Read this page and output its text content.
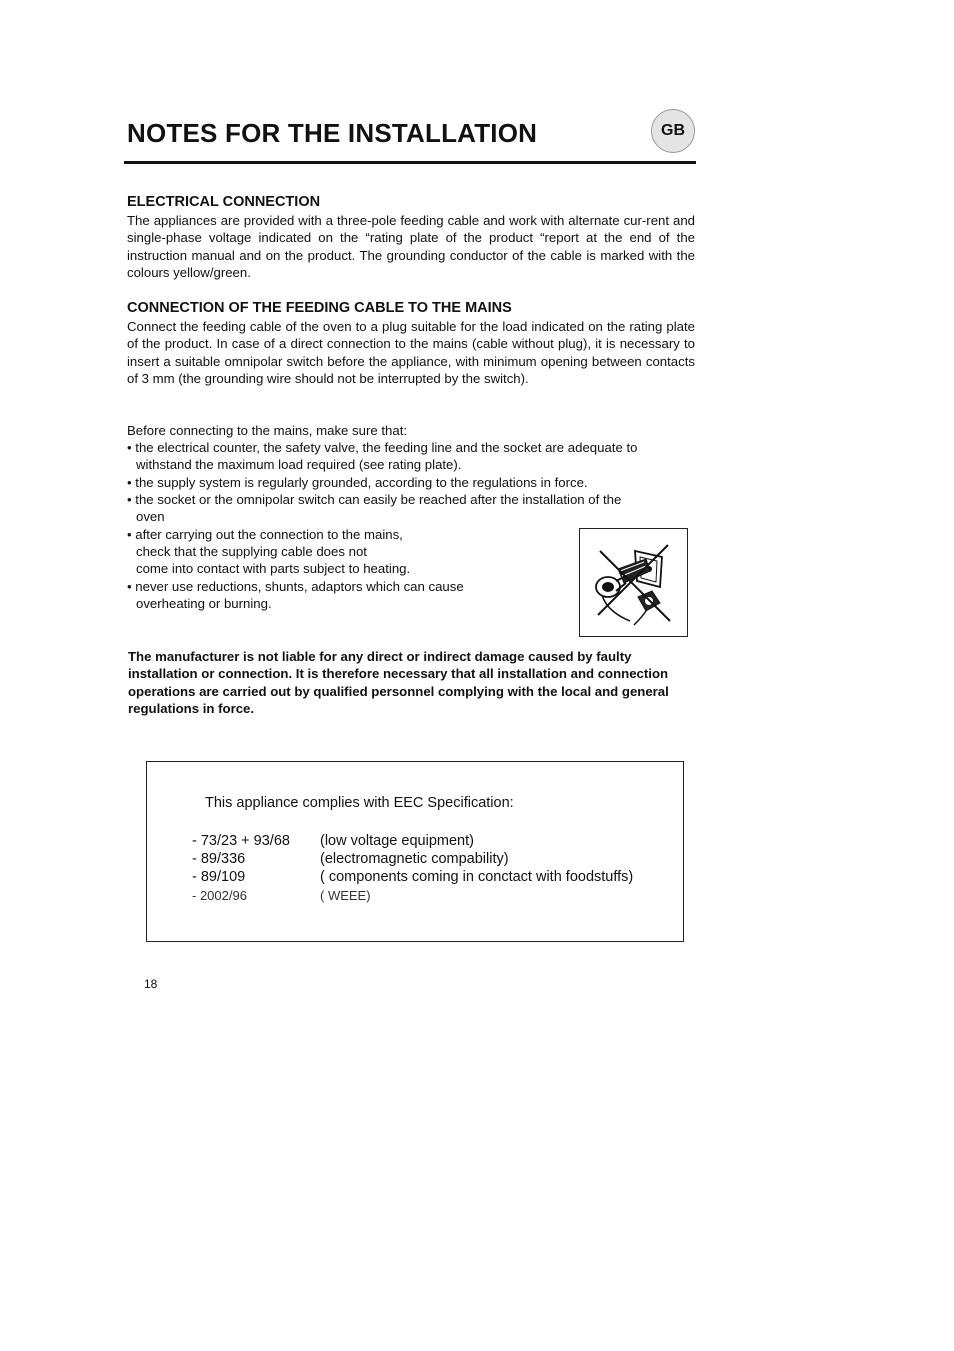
NOTES FOR THE INSTALLATION	GB
ELECTRICAL CONNECTION

The appliances are provided with a three-pole feeding cable and work with alternate cur-rent and single-phase voltage indicated on the “rating plate of the product “report at the end of the instruction manual and on the product. The grounding conductor of the cable is marked with the colours yellow/green.

CONNECTION OF THE FEEDING CABLE TO THE MAINS

Connect the feeding cable of the oven to a plug suitable for the load indicated on the rating plate of the product. In case of a direct connection to the mains (cable without plug), it is necessary to insert a suitable omnipolar switch before the appliance, with minimum opening between contacts of 3 mm (the grounding wire should not be interrupted by the switch).

Before connecting to the mains, make sure that:
• the electrical counter, the safety valve, the feeding line and the socket are adequate to
withstand the maximum load required (see rating plate).
• the supply system is regularly grounded, according to the regulations in force.
• the socket or the omnipolar switch can easily be reached after the installation of the
oven
• after carrying out the connection to the mains,
check that the supplying cable does not
come into contact with parts subject to heating.
• never use reductions, shunts, adaptors which can cause
overheating or burning.

The manufacturer is not liable for any direct or indirect damage caused by faulty installation or connection. It is therefore necessary that all installation and connection operations are carried out by qualified personnel complying with the local and general regulations in force.

This appliance complies with EEC Specification:
- 73/23 + 93/68 (low voltage equipment)
- 89/336	(electromagnetic compability)
- 89/109	( components coming in conctact with foodstuffs)
- 2002/96	( WEEE)
18
